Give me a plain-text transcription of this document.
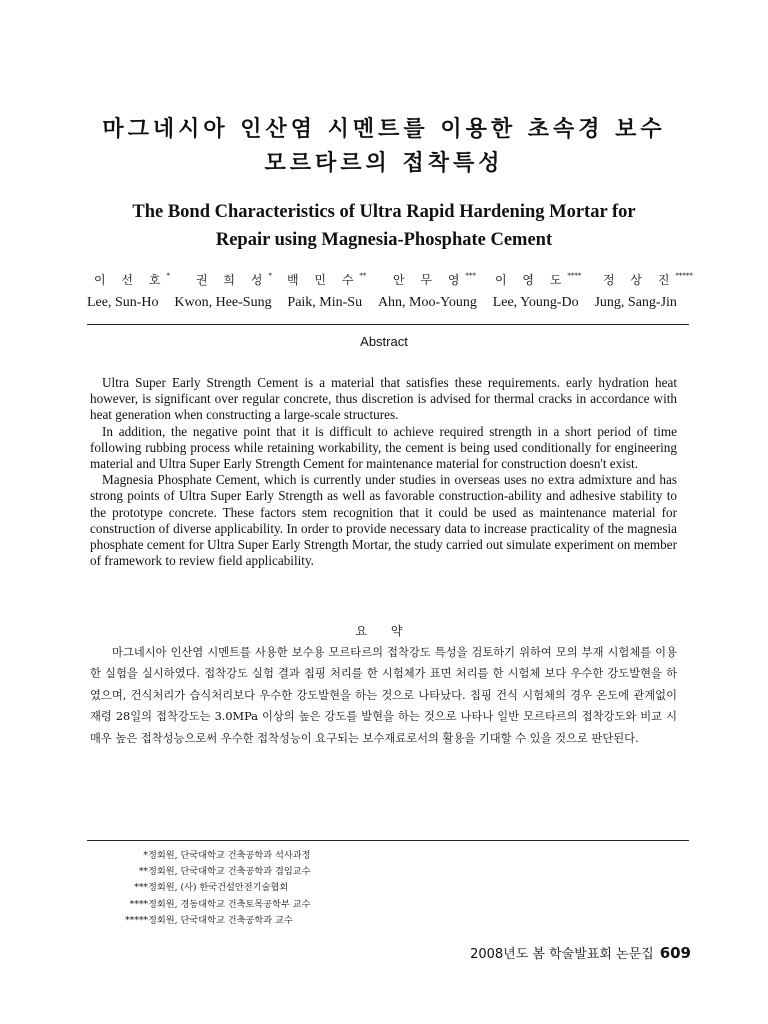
마그네시아 인산염 시멘트를 이용한 초속경 보수
모르타르의 접착특성
The Bond Characteristics of Ultra Rapid Hardening Mortar for
Repair using Magnesia-Phosphate Cement
이 선 호* 권 희 성* 백 민 수** 안 무 영*** 이 영 도**** 정 상 진*****
Lee, Sun-Ho Kwon, Hee-Sung Paik, Min-Su Ahn, Moo-Young Lee, Young-Do Jung, Sang-Jin
Abstract

Ultra Super Early Strength Cement is a material that satisfies these requirements. early hydration heat however, is significant over regular concrete, thus discretion is advised for thermal cracks in accordance with heat generation when constructing a large-scale structures.

In addition, the negative point that it is difficult to achieve required strength in a short period of time following rubbing process while retaining workability, the cement is being used conditionally for engineering material and Ultra Super Early Strength Cement for maintenance material for construction doesn't exist.

Magnesia Phosphate Cement, which is currently under studies in overseas uses no extra admixture and has strong points of Ultra Super Early Strength as well as favorable construction-ability and adhesive stability to the prototype concrete. These factors stem recognition that it could be used as maintenance material for construction of diverse applicability. In order to provide necessary data to increase practicality of the magnesia phosphate cement for Ultra Super Early Strength Mortar, the study carried out simulate experiment on member of framework to review field applicability.

요 약

마그네시아 인산염 시멘트를 사용한 보수용 모르타르의 접착강도 특성을 검토하기 위하여 모의 부재 시험체를 이용한 실험을 실시하였다. 접착강도 실험 결과 칩핑 처리를 한 시험체가 표면 처리를 한 시험체 보다 우수한 강도발현을 하였으며, 건식처리가 습식처리보다 우수한 강도발현을 하는 것으로 나타났다. 칩핑 건식 시험체의 경우 온도에 관계없이 재령 28일의 접착강도는 3.0MPa 이상의 높은 강도를 발현을 하는 것으로 나타나 일반 모르타르의 접착강도와 비교 시 매우 높은 접착성능으로써 우수한 접착성능이 요구되는 보수재료로서의 활용을 기대할 수 있을 것으로 판단된다.

*정회원, 단국대학교 건축공학과 석사과정
**정회원, 단국대학교 건축공학과 겸임교수
***정회원, (사) 한국건설안전기술협회
****정회원, 경동대학교 건축토목공학부 교수
*****정회원, 단국대학교 건축공학과 교수
2008년도 봄 학술발표회 논문집 609
